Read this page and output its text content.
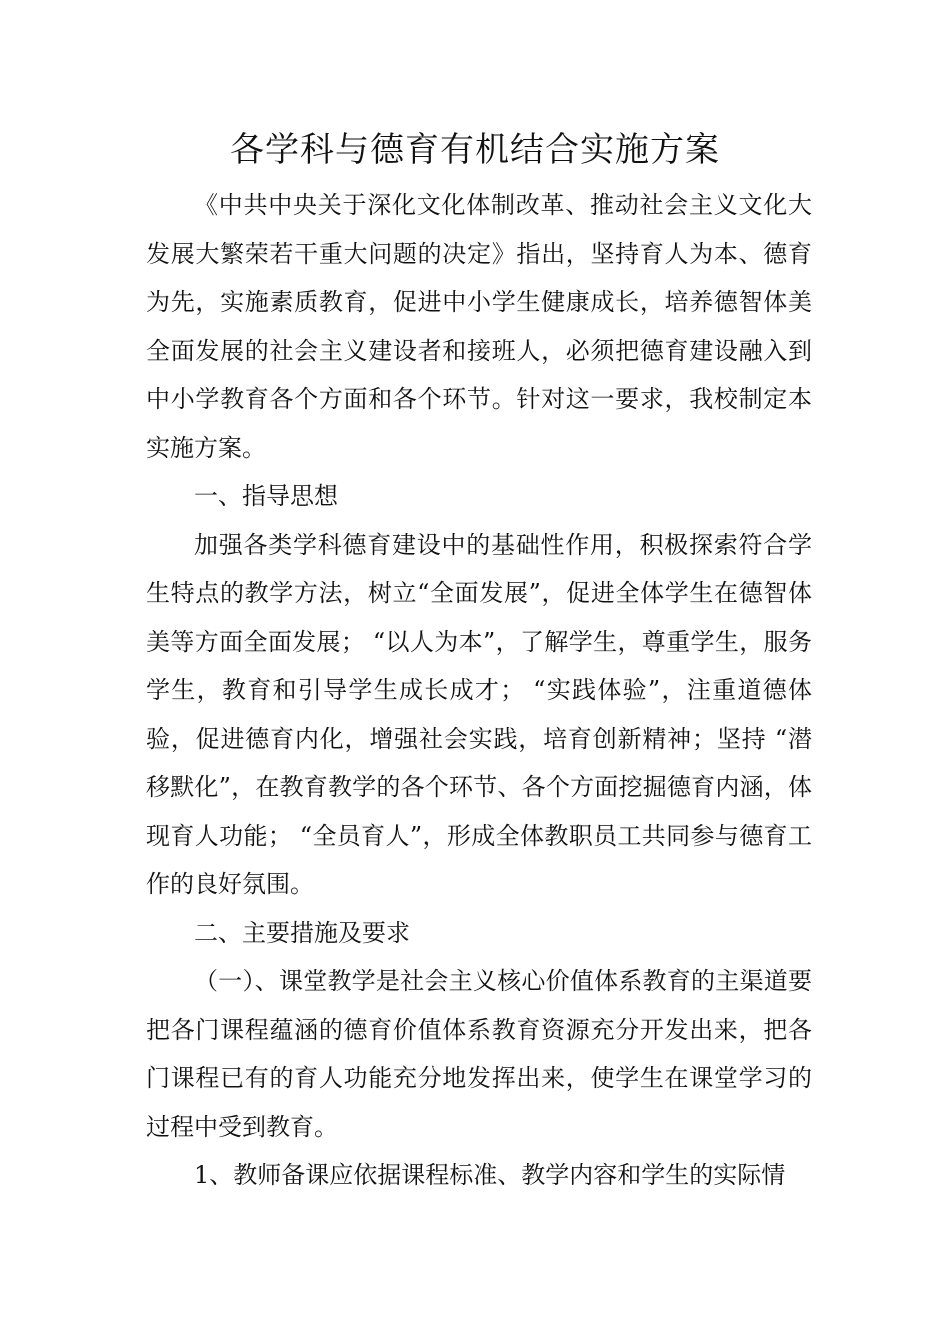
各学科与德育有机结合实施方案

《中共中央关于深化文化体制改革、推动社会主义文化大发展大繁荣若干重大问题的决定》指出，坚持育人为本、德育为先，实施素质教育，促进中小学生健康成长，培养德智体美全面发展的社会主义建设者和接班人，必须把德育建设融入到中小学教育各个方面和各个环节。针对这一要求，我校制定本实施方案。

一、指导思想

加强各类学科德育建设中的基础性作用，积极探索符合学生特点的教学方法，树立“全面发展”，促进全体学生在德智体美等方面全面发展； “以人为本”，了解学生，尊重学生，服务学生，教育和引导学生成长成才； “实践体验”，注重道德体验，促进德育内化，增强社会实践，培育创新精神；坚持 “潜移默化”，在教育教学的各个环节、各个方面挖掘德育内涵，体现育人功能； “全员育人”，形成全体教职员工共同参与德育工作的良好氛围。

二、主要措施及要求

（一）、课堂教学是社会主义核心价值体系教育的主渠道要把各门课程蕴涵的德育价值体系教育资源充分开发出来，把各门课程已有的育人功能充分地发挥出来，使学生在课堂学习的过程中受到教育。

1、教师备课应依据课程标准、教学内容和学生的实际情
